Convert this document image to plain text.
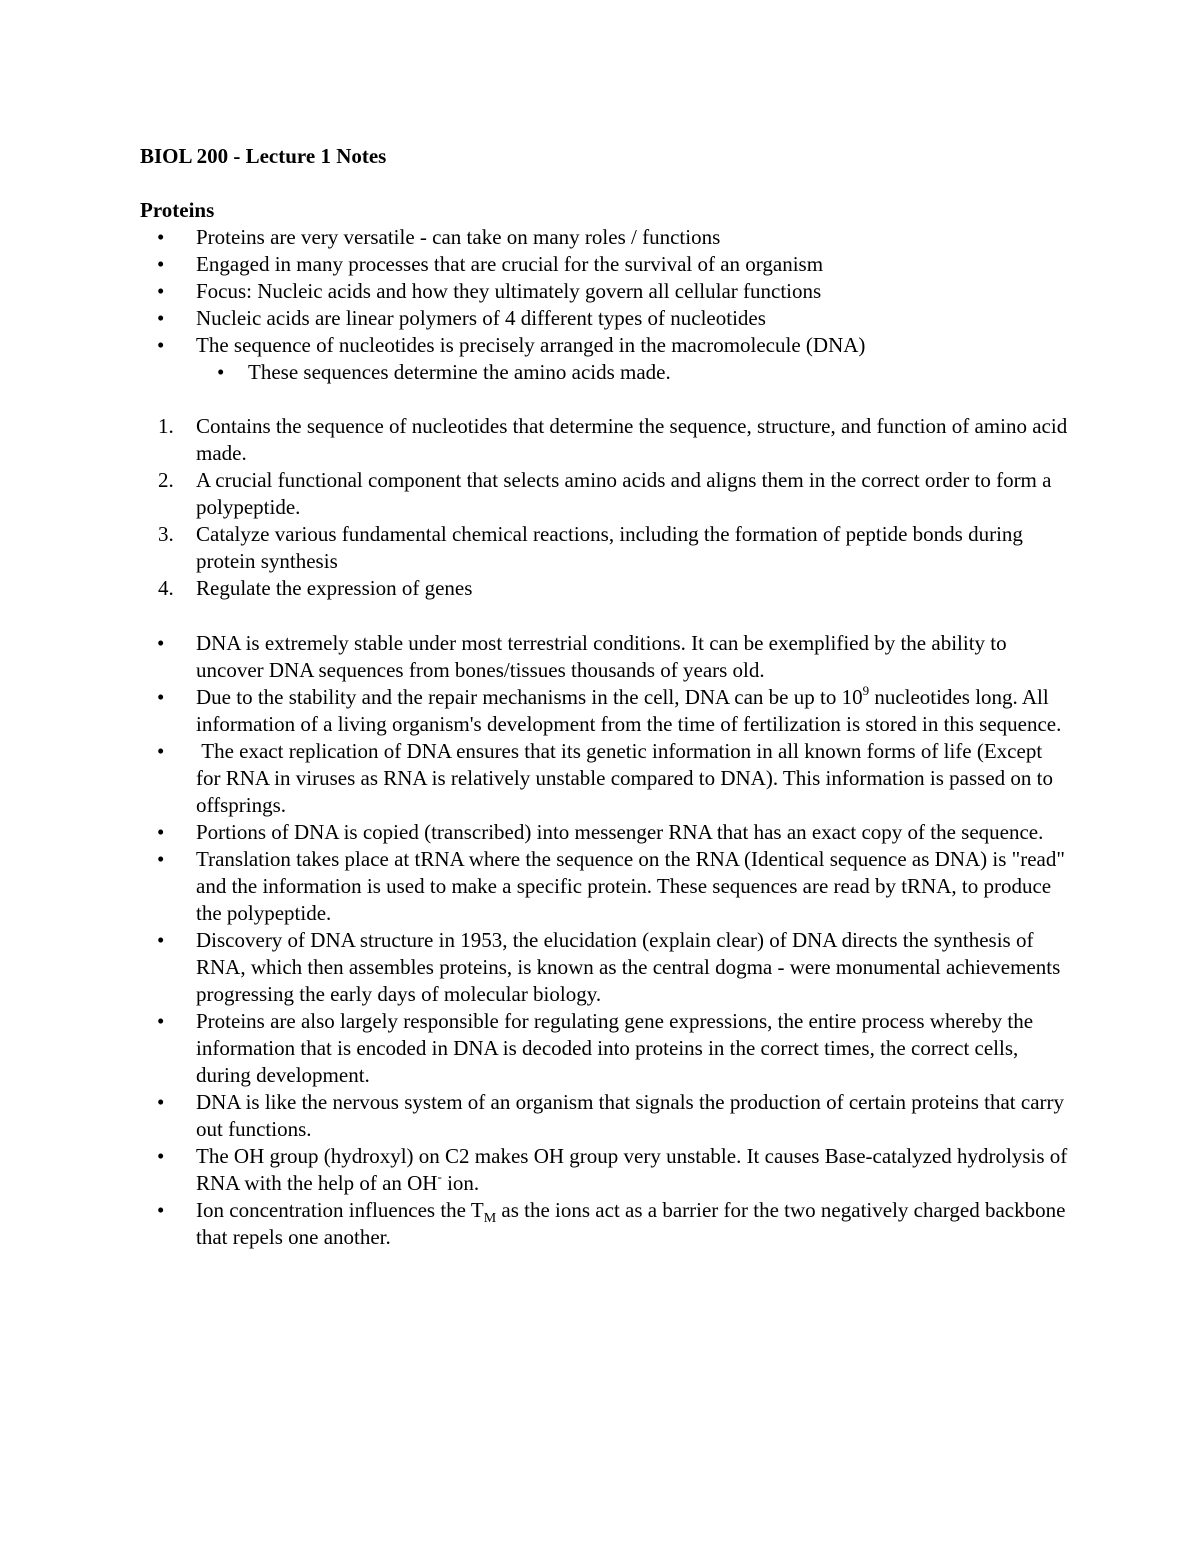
BIOL 200 - Lecture 1 Notes
Proteins
• Proteins are very versatile - can take on many roles / functions
• Engaged in many processes that are crucial for the survival of an organism
• Focus: Nucleic acids and how they ultimately govern all cellular functions
• Nucleic acids are linear polymers of 4 different types of nucleotides
• The sequence of nucleotides is precisely arranged in the macromolecule (DNA)
• These sequences determine the amino acids made.
1. Contains the sequence of nucleotides that determine the sequence, structure, and function of amino acid made.
2. A crucial functional component that selects amino acids and aligns them in the correct order to form a polypeptide.
3. Catalyze various fundamental chemical reactions, including the formation of peptide bonds during protein synthesis
4. Regulate the expression of genes
• DNA is extremely stable under most terrestrial conditions. It can be exemplified by the ability to uncover DNA sequences from bones/tissues thousands of years old.
• Due to the stability and the repair mechanisms in the cell, DNA can be up to $10^9$ nucleotides long. All information of a living organism's development from the time of fertilization is stored in this sequence.
• The exact replication of DNA ensures that its genetic information in all known forms of life (Except for RNA in viruses as RNA is relatively unstable compared to DNA). This information is passed on to offsprings.
• Portions of DNA is copied (transcribed) into messenger RNA that has an exact copy of the sequence.
• Translation takes place at tRNA where the sequence on the RNA (Identical sequence as DNA) is "read" and the information is used to make a specific protein. These sequences are read by tRNA, to produce the polypeptide.
• Discovery of DNA structure in 1953, the elucidation (explain clear) of DNA directs the synthesis of RNA, which then assembles proteins, is known as the central dogma - were monumental achievements progressing the early days of molecular biology.
• Proteins are also largely responsible for regulating gene expressions, the entire process whereby the information that is encoded in DNA is decoded into proteins in the correct times, the correct cells, during development.
• DNA is like the nervous system of an organism that signals the production of certain proteins that carry out functions.
• The OH group (hydroxyl) on C2 makes OH group very unstable. It causes Base-catalyzed hydrolysis of RNA with the help of an OH- ion.
• Ion concentration influences the $T_M$ as the ions act as a barrier for the two negatively charged backbone that repels one another.
